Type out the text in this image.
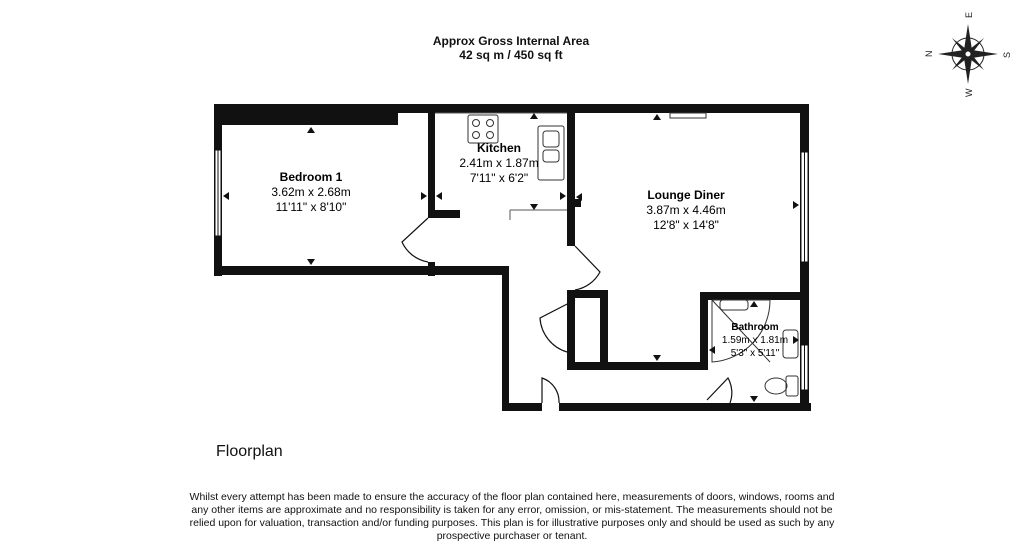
Approx Gross Internal Area
42 sq m / 450 sq ft	N
E
S
W
Bedroom 1
3.62m x 2.68m
11'11" x 8'10"
Kitchen
2.41m x 1.87m
7'11" x 6'2"
Lounge Diner
3.87m x 4.46m
12'8" x 14'8"
Bathroom
1.59m x 1.81m
5'3" x 5'11"
Floorplan
Whilst every attempt has been made to ensure the accuracy of the floor plan contained here, measurements of doors, windows, rooms and
any other items are approximate and no responsibility is taken for any error, omission, or mis-statement. The measurements should not be
relied upon for valuation, transaction and/or funding purposes. This plan is for illustrative purposes only and should be used as such by any
prospective purchaser or tenant.
